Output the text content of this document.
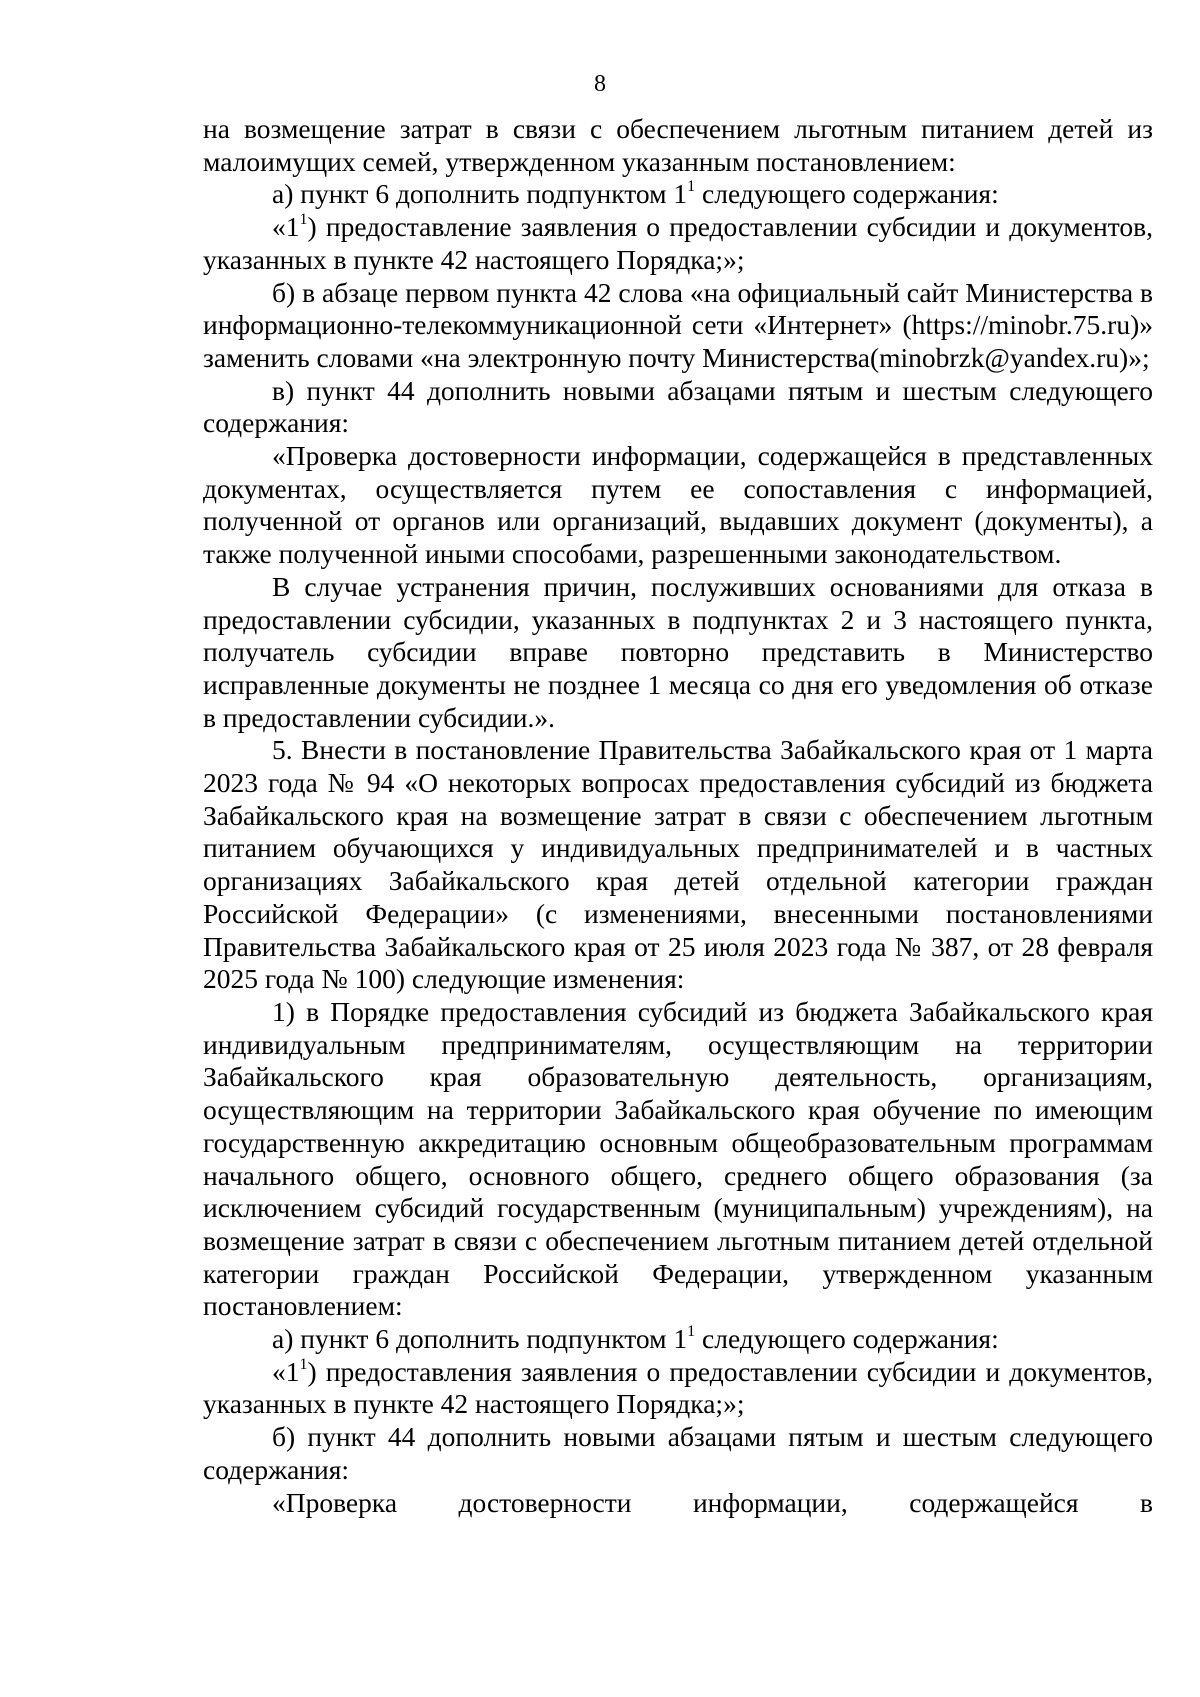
8

на возмещение затрат в связи с обеспечением льготным питанием детей из малоимущих семей, утвержденном указанным постановлением:

а) пункт 6 дополнить подпунктом $1^1$ следующего содержания:

«$1^1$) предоставление заявления о предоставлении субсидии и документов, указанных в пункте 42 настоящего Порядка;»;

б) в абзаце первом пункта 42 слова «на официальный сайт Министерства в информационно-телекоммуникационной сети «Интернет» (https://minobr.75.ru)» заменить словами «на электронную почту Министерства(minobrzk@yandex.ru)»;

в) пункт 44 дополнить новыми абзацами пятым и шестым следующего содержания:

«Проверка достоверности информации, содержащейся в представленных документах, осуществляется путем ее сопоставления с информацией, полученной от органов или организаций, выдавших документ (документы), а также полученной иными способами, разрешенными законодательством.

В случае устранения причин, послуживших основаниями для отказа в предоставлении субсидии, указанных в подпунктах 2 и 3 настоящего пункта, получатель субсидии вправе повторно представить в Министерство исправленные документы не позднее 1 месяца со дня его уведомления об отказе в предоставлении субсидии.».

5. Внести в постановление Правительства Забайкальского края от 1 марта 2023 года № 94 «О некоторых вопросах предоставления субсидий из бюджета Забайкальского края на возмещение затрат в связи с обеспечением льготным питанием обучающихся у индивидуальных предпринимателей и в частных организациях Забайкальского края детей отдельной категории граждан Российской Федерации» (с изменениями, внесенными постановлениями Правительства Забайкальского края от 25 июля 2023 года № 387, от 28 февраля 2025 года № 100) следующие изменения:

1) в Порядке предоставления субсидий из бюджета Забайкальского края индивидуальным предпринимателям, осуществляющим на территории Забайкальского края образовательную деятельность, организациям, осуществляющим на территории Забайкальского края обучение по имеющим государственную аккредитацию основным общеобразовательным программам начального общего, основного общего, среднего общего образования (за исключением субсидий государственным (муниципальным) учреждениям), на возмещение затрат в связи с обеспечением льготным питанием детей отдельной категории граждан Российской Федерации, утвержденном указанным постановлением:

а) пункт 6 дополнить подпунктом $1^1$ следующего содержания:

«$1^1$) предоставления заявления о предоставлении субсидии и документов, указанных в пункте 42 настоящего Порядка;»;

б) пункт 44 дополнить новыми абзацами пятым и шестым следующего содержания:

«Проверка достоверности информации, содержащейся в
